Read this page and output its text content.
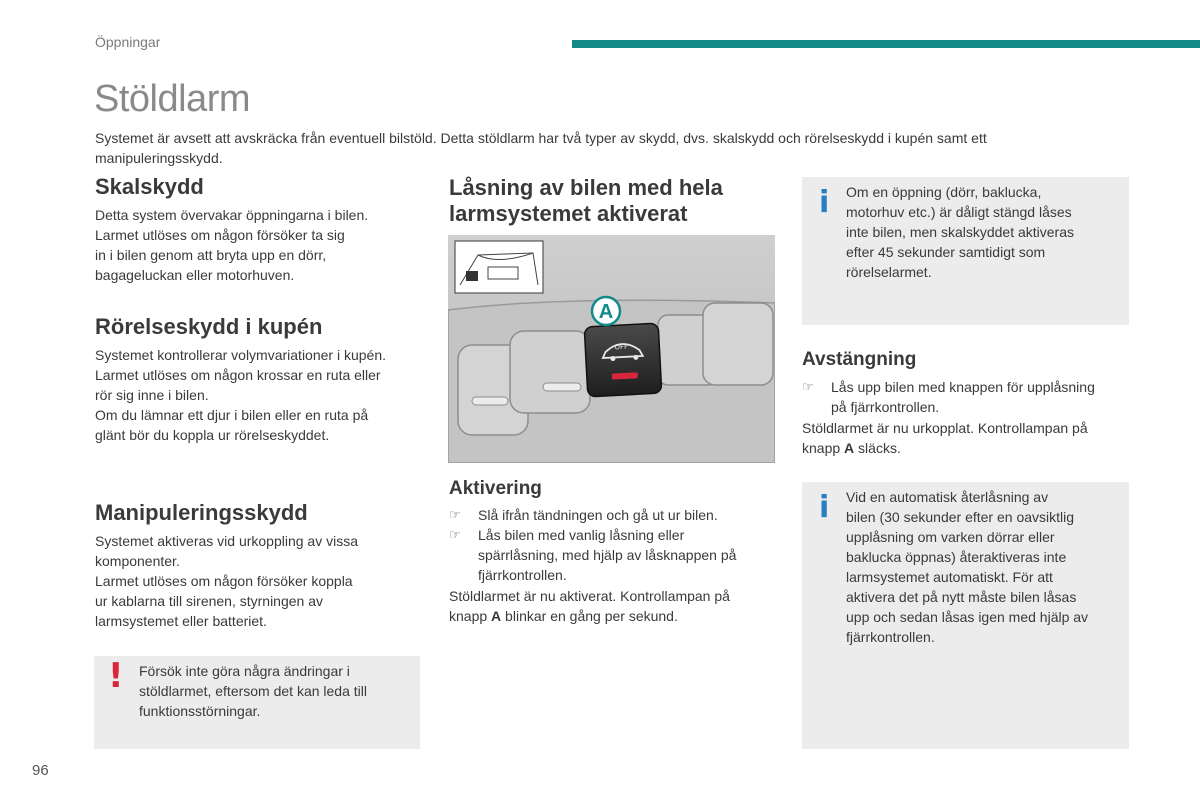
Öppningar
Stöldlarm
Systemet är avsett att avskräcka från eventuell bilstöld. Detta stöldlarm har två typer av skydd, dvs. skalskydd och rörelseskydd i kupén samt ett manipuleringsskydd.
Skalskydd
Detta system övervakar öppningarna i bilen.
Larmet utlöses om någon försöker ta sig
in i bilen genom att bryta upp en dörr,
bagageluckan eller motorhuven.
Rörelseskydd i kupén
Systemet kontrollerar volymvariationer i kupén.
Larmet utlöses om någon krossar en ruta eller
rör sig inne i bilen.
Om du lämnar ett djur i bilen eller en ruta på
glänt bör du koppla ur rörelseskyddet.
Manipuleringsskydd
Systemet aktiveras vid urkoppling av vissa
komponenter.
Larmet utlöses om någon försöker koppla
ur kablarna till sirenen, styrningen av
larmsystemet eller batteriet.
! Försök inte göra några ändringar i
stöldlarmet, eftersom det kan leda till
funktionsstörningar.
Låsning av bilen med hela
larmsystemet aktiverat
OFF
A
Aktivering
☞ Slå ifrån tändningen och gå ut ur bilen.
☞ Lås bilen med vanlig låsning eller
spärrlåsning, med hjälp av låsknappen på
fjärrkontrollen.
Stöldlarmet är nu aktiverat. Kontrollampan på
knapp A blinkar en gång per sekund.
i Om en öppning (dörr, baklucka,
motorhuv etc.) är dåligt stängd låses
inte bilen, men skalskyddet aktiveras
efter 45 sekunder samtidigt som
rörelselarmet.
Avstängning
☞ Lås upp bilen med knappen för upplåsning
på fjärrkontrollen.
Stöldlarmet är nu urkopplat. Kontrollampan på
knapp A släcks.
i Vid en automatisk återlåsning av
bilen (30 sekunder efter en oavsiktlig
upplåsning om varken dörrar eller
baklucka öppnas) återaktiveras inte
larmsystemet automatiskt. För att
aktivera det på nytt måste bilen låsas
upp och sedan låsas igen med hjälp av
fjärrkontrollen.
96
